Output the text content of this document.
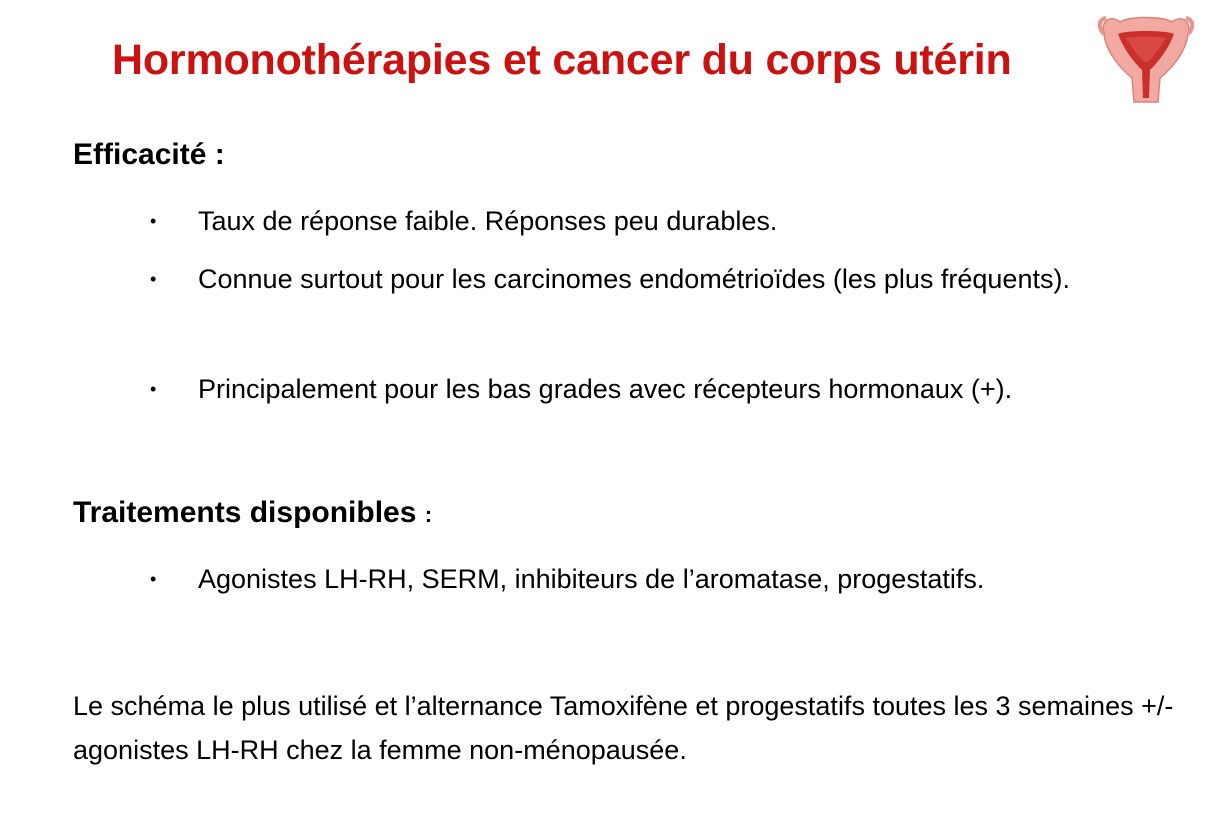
Hormonothérapies et cancer du corps utérin
Efficacité :
• Taux de réponse faible. Réponses peu durables.
• Connue surtout pour les carcinomes endométrioïdes (les plus fréquents).
• Principalement pour les bas grades avec récepteurs hormonaux (+).
Traitements disponibles :
• Agonistes LH-RH, SERM, inhibiteurs de l’aromatase, progestatifs.
Le schéma le plus utilisé et l’alternance Tamoxifène et progestatifs toutes les 3 semaines +/- agonistes LH-RH chez la femme non-ménopausée.
